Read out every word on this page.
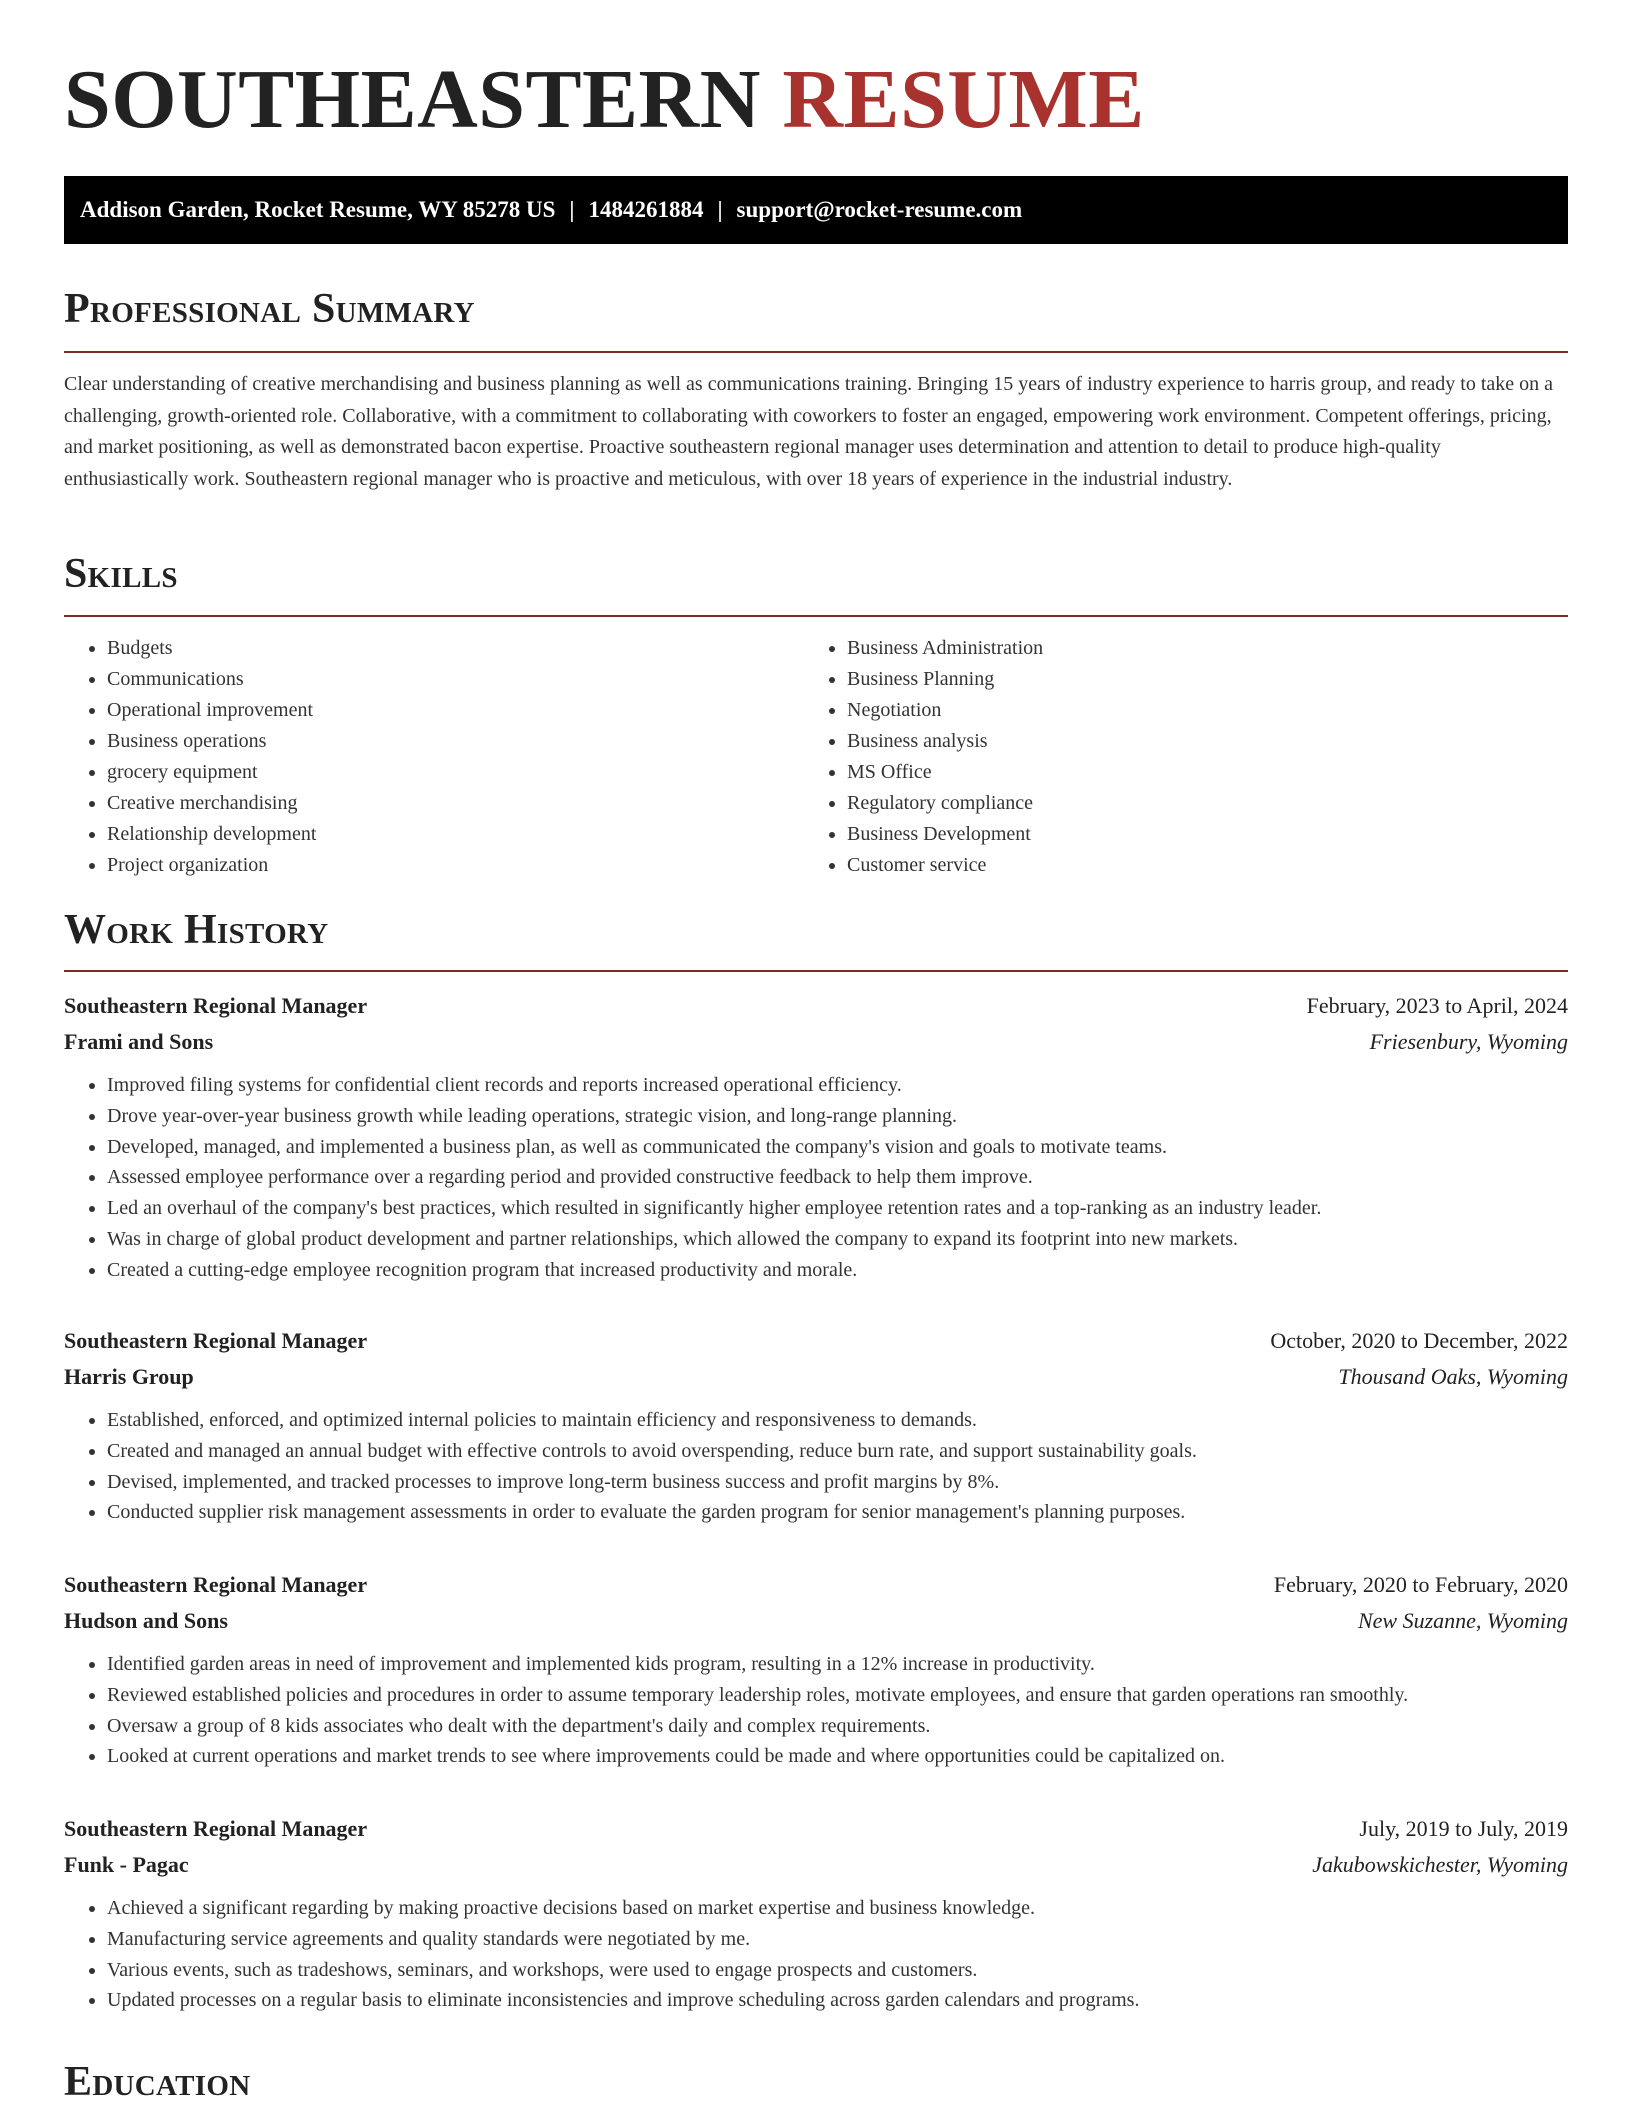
SOUTHEASTERN RESUME
Addison Garden, Rocket Resume, WY 85278 US | 1484261884 | support@rocket-resume.com
Professional Summary

Clear understanding of creative merchandising and business planning as well as communications training. Bringing 15 years of industry experience to harris group, and ready to take on a challenging, growth-oriented role. Collaborative, with a commitment to collaborating with coworkers to foster an engaged, empowering work environment. Competent offerings, pricing, and market positioning, as well as demonstrated bacon expertise. Proactive southeastern regional manager uses determination and attention to detail to produce high-quality enthusiastically work. Southeastern regional manager who is proactive and meticulous, with over 18 years of experience in the industrial industry.

Skills
• Budgets
• Communications
• Operational improvement
• Business operations
• grocery equipment
• Creative merchandising
• Relationship development
• Project organization
• Business Administration
• Business Planning
• Negotiation
• Business analysis
• MS Office
• Regulatory compliance
• Business Development
• Customer service
Work History
Southeastern Regional Manager	February, 2023 to April, 2024
Frami and Sons	Friesenbury, Wyoming
• Improved filing systems for confidential client records and reports increased operational efficiency.
• Drove year-over-year business growth while leading operations, strategic vision, and long-range planning.
• Developed, managed, and implemented a business plan, as well as communicated the company's vision and goals to motivate teams.
• Assessed employee performance over a regarding period and provided constructive feedback to help them improve.
• Led an overhaul of the company's best practices, which resulted in significantly higher employee retention rates and a top-ranking as an industry leader.
• Was in charge of global product development and partner relationships, which allowed the company to expand its footprint into new markets.
• Created a cutting-edge employee recognition program that increased productivity and morale.
Southeastern Regional Manager	October, 2020 to December, 2022
Harris Group	Thousand Oaks, Wyoming
• Established, enforced, and optimized internal policies to maintain efficiency and responsiveness to demands.
• Created and managed an annual budget with effective controls to avoid overspending, reduce burn rate, and support sustainability goals.
• Devised, implemented, and tracked processes to improve long-term business success and profit margins by 8%.
• Conducted supplier risk management assessments in order to evaluate the garden program for senior management's planning purposes.
Southeastern Regional Manager	February, 2020 to February, 2020
Hudson and Sons	New Suzanne, Wyoming
• Identified garden areas in need of improvement and implemented kids program, resulting in a 12% increase in productivity.
• Reviewed established policies and procedures in order to assume temporary leadership roles, motivate employees, and ensure that garden operations ran smoothly.
• Oversaw a group of 8 kids associates who dealt with the department's daily and complex requirements.
• Looked at current operations and market trends to see where improvements could be made and where opportunities could be capitalized on.
Southeastern Regional Manager	July, 2019 to July, 2019
Funk - Pagac	Jakubowskichester, Wyoming
• Achieved a significant regarding by making proactive decisions based on market expertise and business knowledge.
• Manufacturing service agreements and quality standards were negotiated by me.
• Various events, such as tradeshows, seminars, and workshops, were used to engage prospects and customers.
• Updated processes on a regular basis to eliminate inconsistencies and improve scheduling across garden calendars and programs.
Education
